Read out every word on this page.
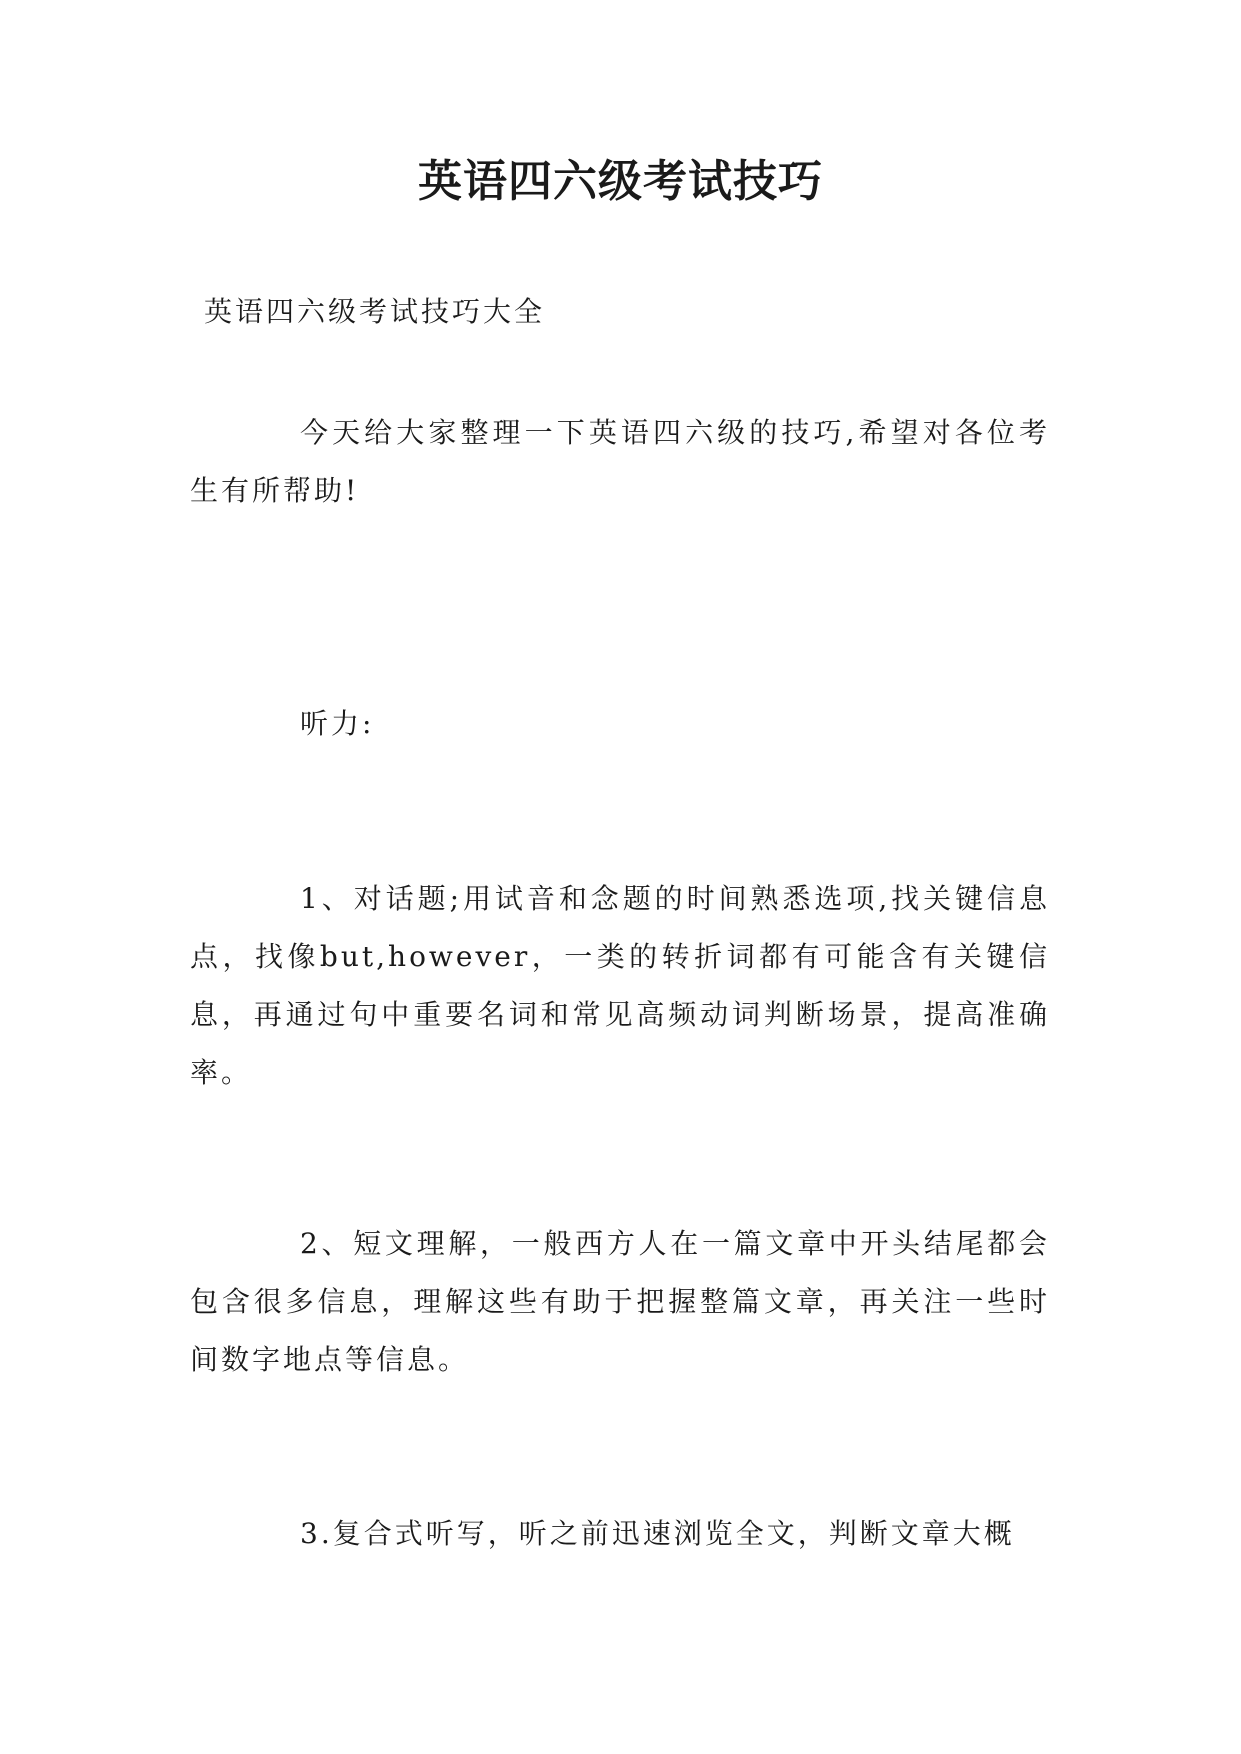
英语四六级考试技巧

英语四六级考试技巧大全

今天给大家整理一下英语四六级的技巧,希望对各位考生有所帮助!

听力:

1、对话题;用试音和念题的时间熟悉选项,找关键信息点，找像but,however，一类的转折词都有可能含有关键信息，再通过句中重要名词和常见高频动词判断场景，提高准确率。

2、短文理解，一般西方人在一篇文章中开头结尾都会包含很多信息，理解这些有助于把握整篇文章，再关注一些时间数字地点等信息。

3.复合式听写，听之前迅速浏览全文，判断文章大概
